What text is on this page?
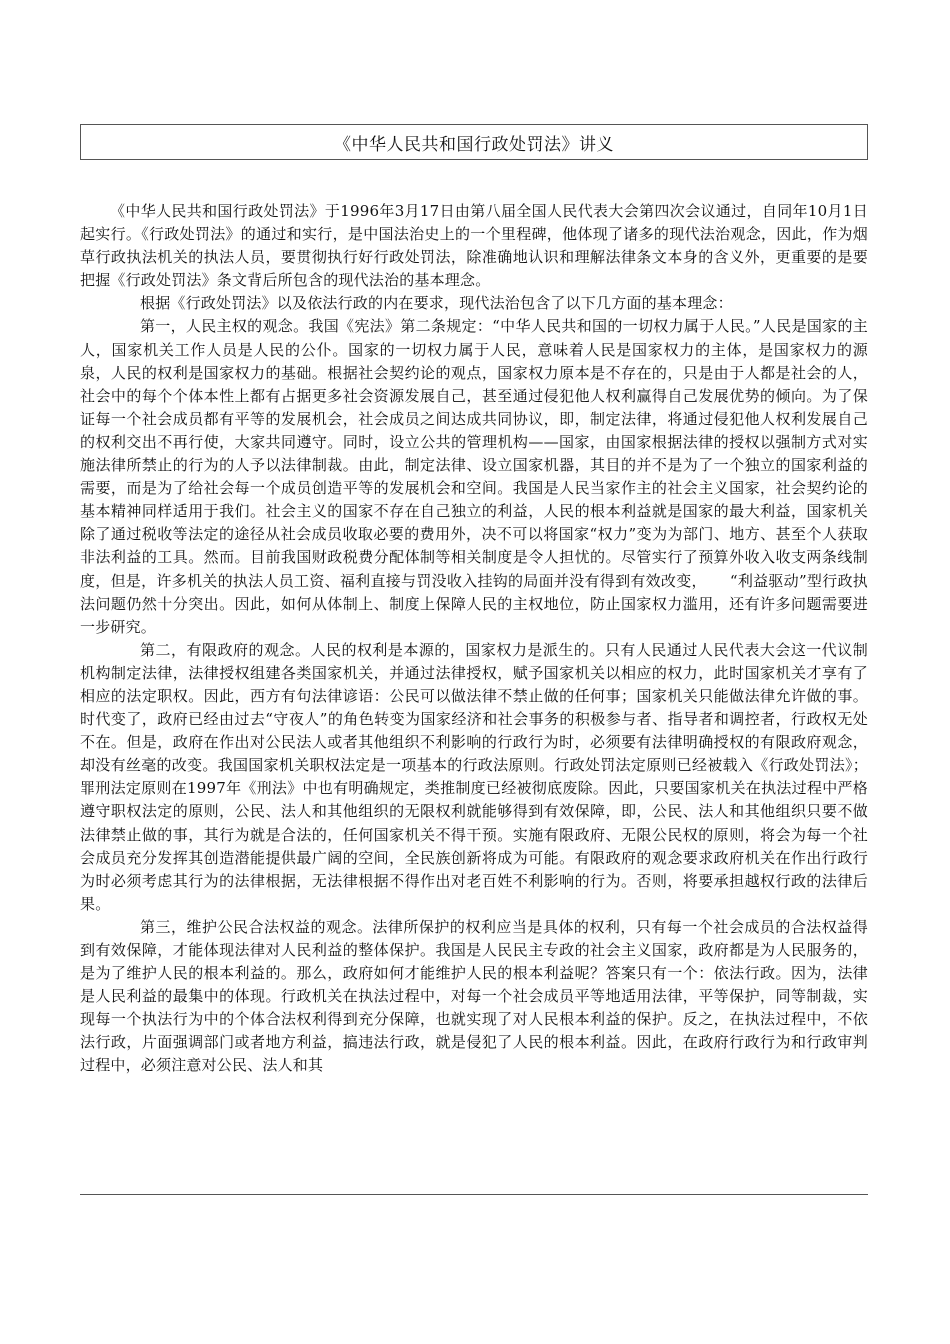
《中华人民共和国行政处罚法》讲义

《中华人民共和国行政处罚法》于1996年3月17日由第八届全国人民代表大会第四次会议通过，自同年10月1日起实行。《行政处罚法》的通过和实行，是中国法治史上的一个里程碑，他体现了诸多的现代法治观念，因此，作为烟草行政执法机关的执法人员，要贯彻执行好行政处罚法，除准确地认识和理解法律条文本身的含义外，更重要的是要把握《行政处罚法》条文背后所包含的现代法治的基本理念。

根据《行政处罚法》以及依法行政的内在要求，现代法治包含了以下几方面的基本理念：

第一，人民主权的观念。我国《宪法》第二条规定：“中华人民共和国的一切权力属于人民。”人民是国家的主人，国家机关工作人员是人民的公仆。国家的一切权力属于人民，意味着人民是国家权力的主体，是国家权力的源泉，人民的权利是国家权力的基础。根据社会契约论的观点，国家权力原本是不存在的，只是由于人都是社会的人，社会中的每个个体本性上都有占据更多社会资源发展自己，甚至通过侵犯他人权利赢得自己发展优势的倾向。为了保证每一个社会成员都有平等的发展机会，社会成员之间达成共同协议，即，制定法律，将通过侵犯他人权利发展自己的权利交出不再行使，大家共同遵守。同时，设立公共的管理机构——国家，由国家根据法律的授权以强制方式对实施法律所禁止的行为的人予以法律制裁。由此，制定法律、设立国家机器，其目的并不是为了一个独立的国家利益的需要，而是为了给社会每一个成员创造平等的发展机会和空间。我国是人民当家作主的社会主义国家，社会契约论的基本精神同样适用于我们。社会主义的国家不存在自己独立的利益，人民的根本利益就是国家的最大利益，国家机关除了通过税收等法定的途径从社会成员收取必要的费用外，决不可以将国家“权力”变为为部门、地方、甚至个人获取非法利益的工具。然而。目前我国财政税费分配体制等相关制度是令人担忧的。尽管实行了预算外收入收支两条线制度，但是，许多机关的执法人员工资、福利直接与罚没收入挂钩的局面并没有得到有效改变，　　“利益驱动”型行政执法问题仍然十分突出。因此，如何从体制上、制度上保障人民的主权地位，防止国家权力滥用，还有许多问题需要进一步研究。

第二，有限政府的观念。人民的权利是本源的，国家权力是派生的。只有人民通过人民代表大会这一代议制机构制定法律，法律授权组建各类国家机关，并通过法律授权，赋予国家机关以相应的权力，此时国家机关才享有了相应的法定职权。因此，西方有句法律谚语：公民可以做法律不禁止做的任何事；国家机关只能做法律允许做的事。时代变了，政府已经由过去“守夜人”的角色转变为国家经济和社会事务的积极参与者、指导者和调控者，行政权无处不在。但是，政府在作出对公民法人或者其他组织不利影响的行政行为时，必须要有法律明确授权的有限政府观念，却没有丝毫的改变。我国国家机关职权法定是一项基本的行政法原则。行政处罚法定原则已经被载入《行政处罚法》；罪刑法定原则在1997年《刑法》中也有明确规定，类推制度已经被彻底废除。因此，只要国家机关在执法过程中严格遵守职权法定的原则，公民、法人和其他组织的无限权利就能够得到有效保障，即，公民、法人和其他组织只要不做法律禁止做的事，其行为就是合法的，任何国家机关不得干预。实施有限政府、无限公民权的原则，将会为每一个社会成员充分发挥其创造潜能提供最广阔的空间，全民族创新将成为可能。有限政府的观念要求政府机关在作出行政行为时必须考虑其行为的法律根据，无法律根据不得作出对老百姓不利影响的行为。否则，将要承担越权行政的法律后果。

第三，维护公民合法权益的观念。法律所保护的权利应当是具体的权利，只有每一个社会成员的合法权益得到有效保障，才能体现法律对人民利益的整体保护。我国是人民民主专政的社会主义国家，政府都是为人民服务的，是为了维护人民的根本利益的。那么，政府如何才能维护人民的根本利益呢？答案只有一个：依法行政。因为，法律是人民利益的最集中的体现。行政机关在执法过程中，对每一个社会成员平等地适用法律，平等保护，同等制裁，实现每一个执法行为中的个体合法权利得到充分保障，也就实现了对人民根本利益的保护。反之，在执法过程中，不依法行政，片面强调部门或者地方利益，搞违法行政，就是侵犯了人民的根本利益。因此，在政府行政行为和行政审判过程中，必须注意对公民、法人和其
